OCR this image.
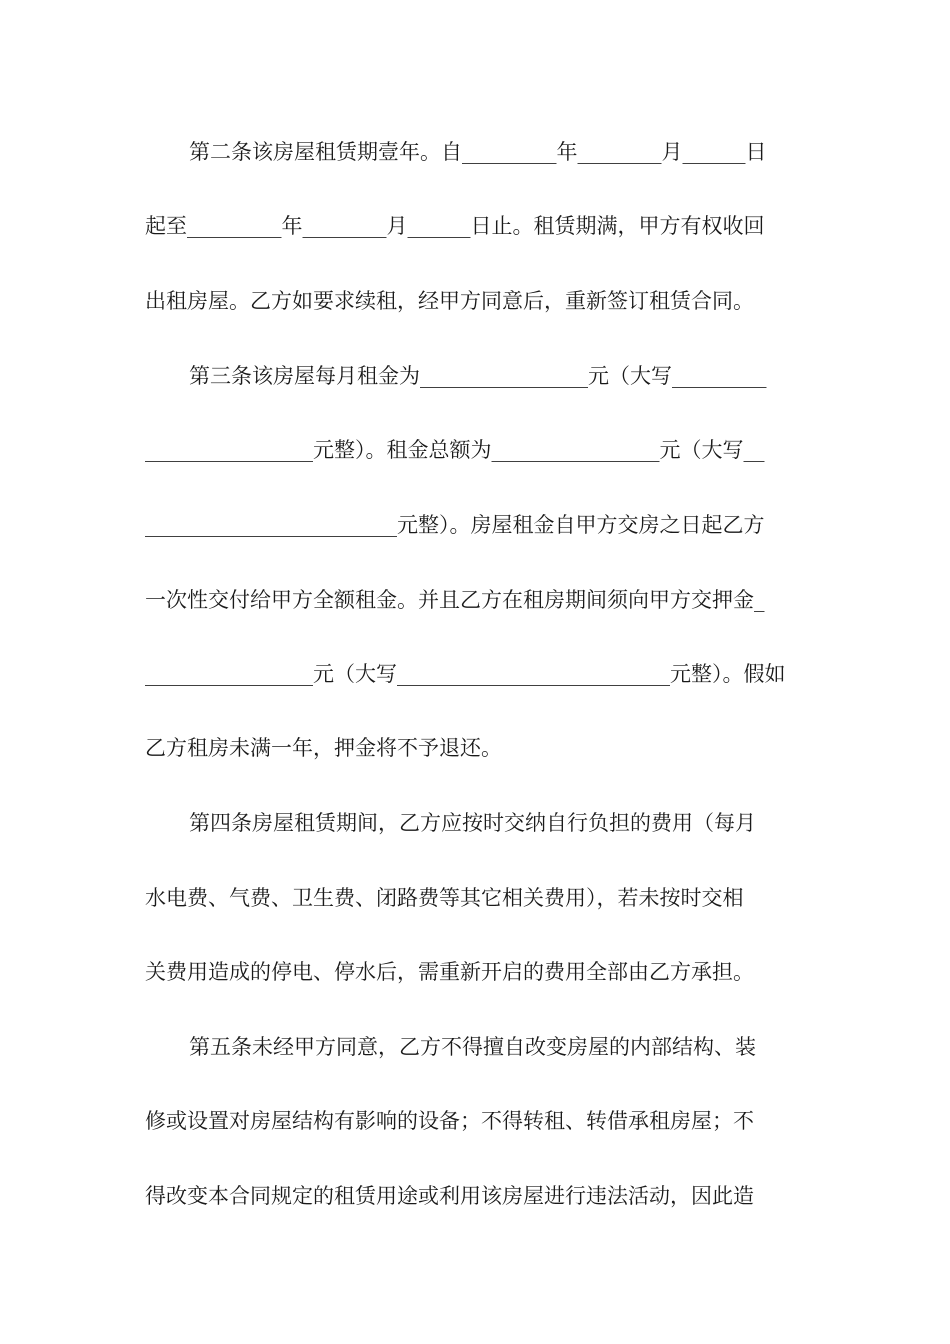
第二条该房屋租赁期壹年。自_________年________月______日
起至_________年________月______日止。租赁期满，甲方有权收回
出租房屋。乙方如要求续租，经甲方同意后，重新签订租赁合同。
第三条该房屋每月租金为________________元（大写_________
________________元整）。租金总额为________________元（大写__
________________________元整）。房屋租金自甲方交房之日起乙方
一次性交付给甲方全额租金。并且乙方在租房期间须向甲方交押金_
________________元（大写__________________________元整）。假如
乙方租房未满一年，押金将不予退还。
第四条房屋租赁期间，乙方应按时交纳自行负担的费用（每月
水电费、气费、卫生费、闭路费等其它相关费用），若未按时交相
关费用造成的停电、停水后，需重新开启的费用全部由乙方承担。
第五条未经甲方同意，乙方不得擅自改变房屋的内部结构、装
修或设置对房屋结构有影响的设备；不得转租、转借承租房屋；不
得改变本合同规定的租赁用途或利用该房屋进行违法活动，因此造
